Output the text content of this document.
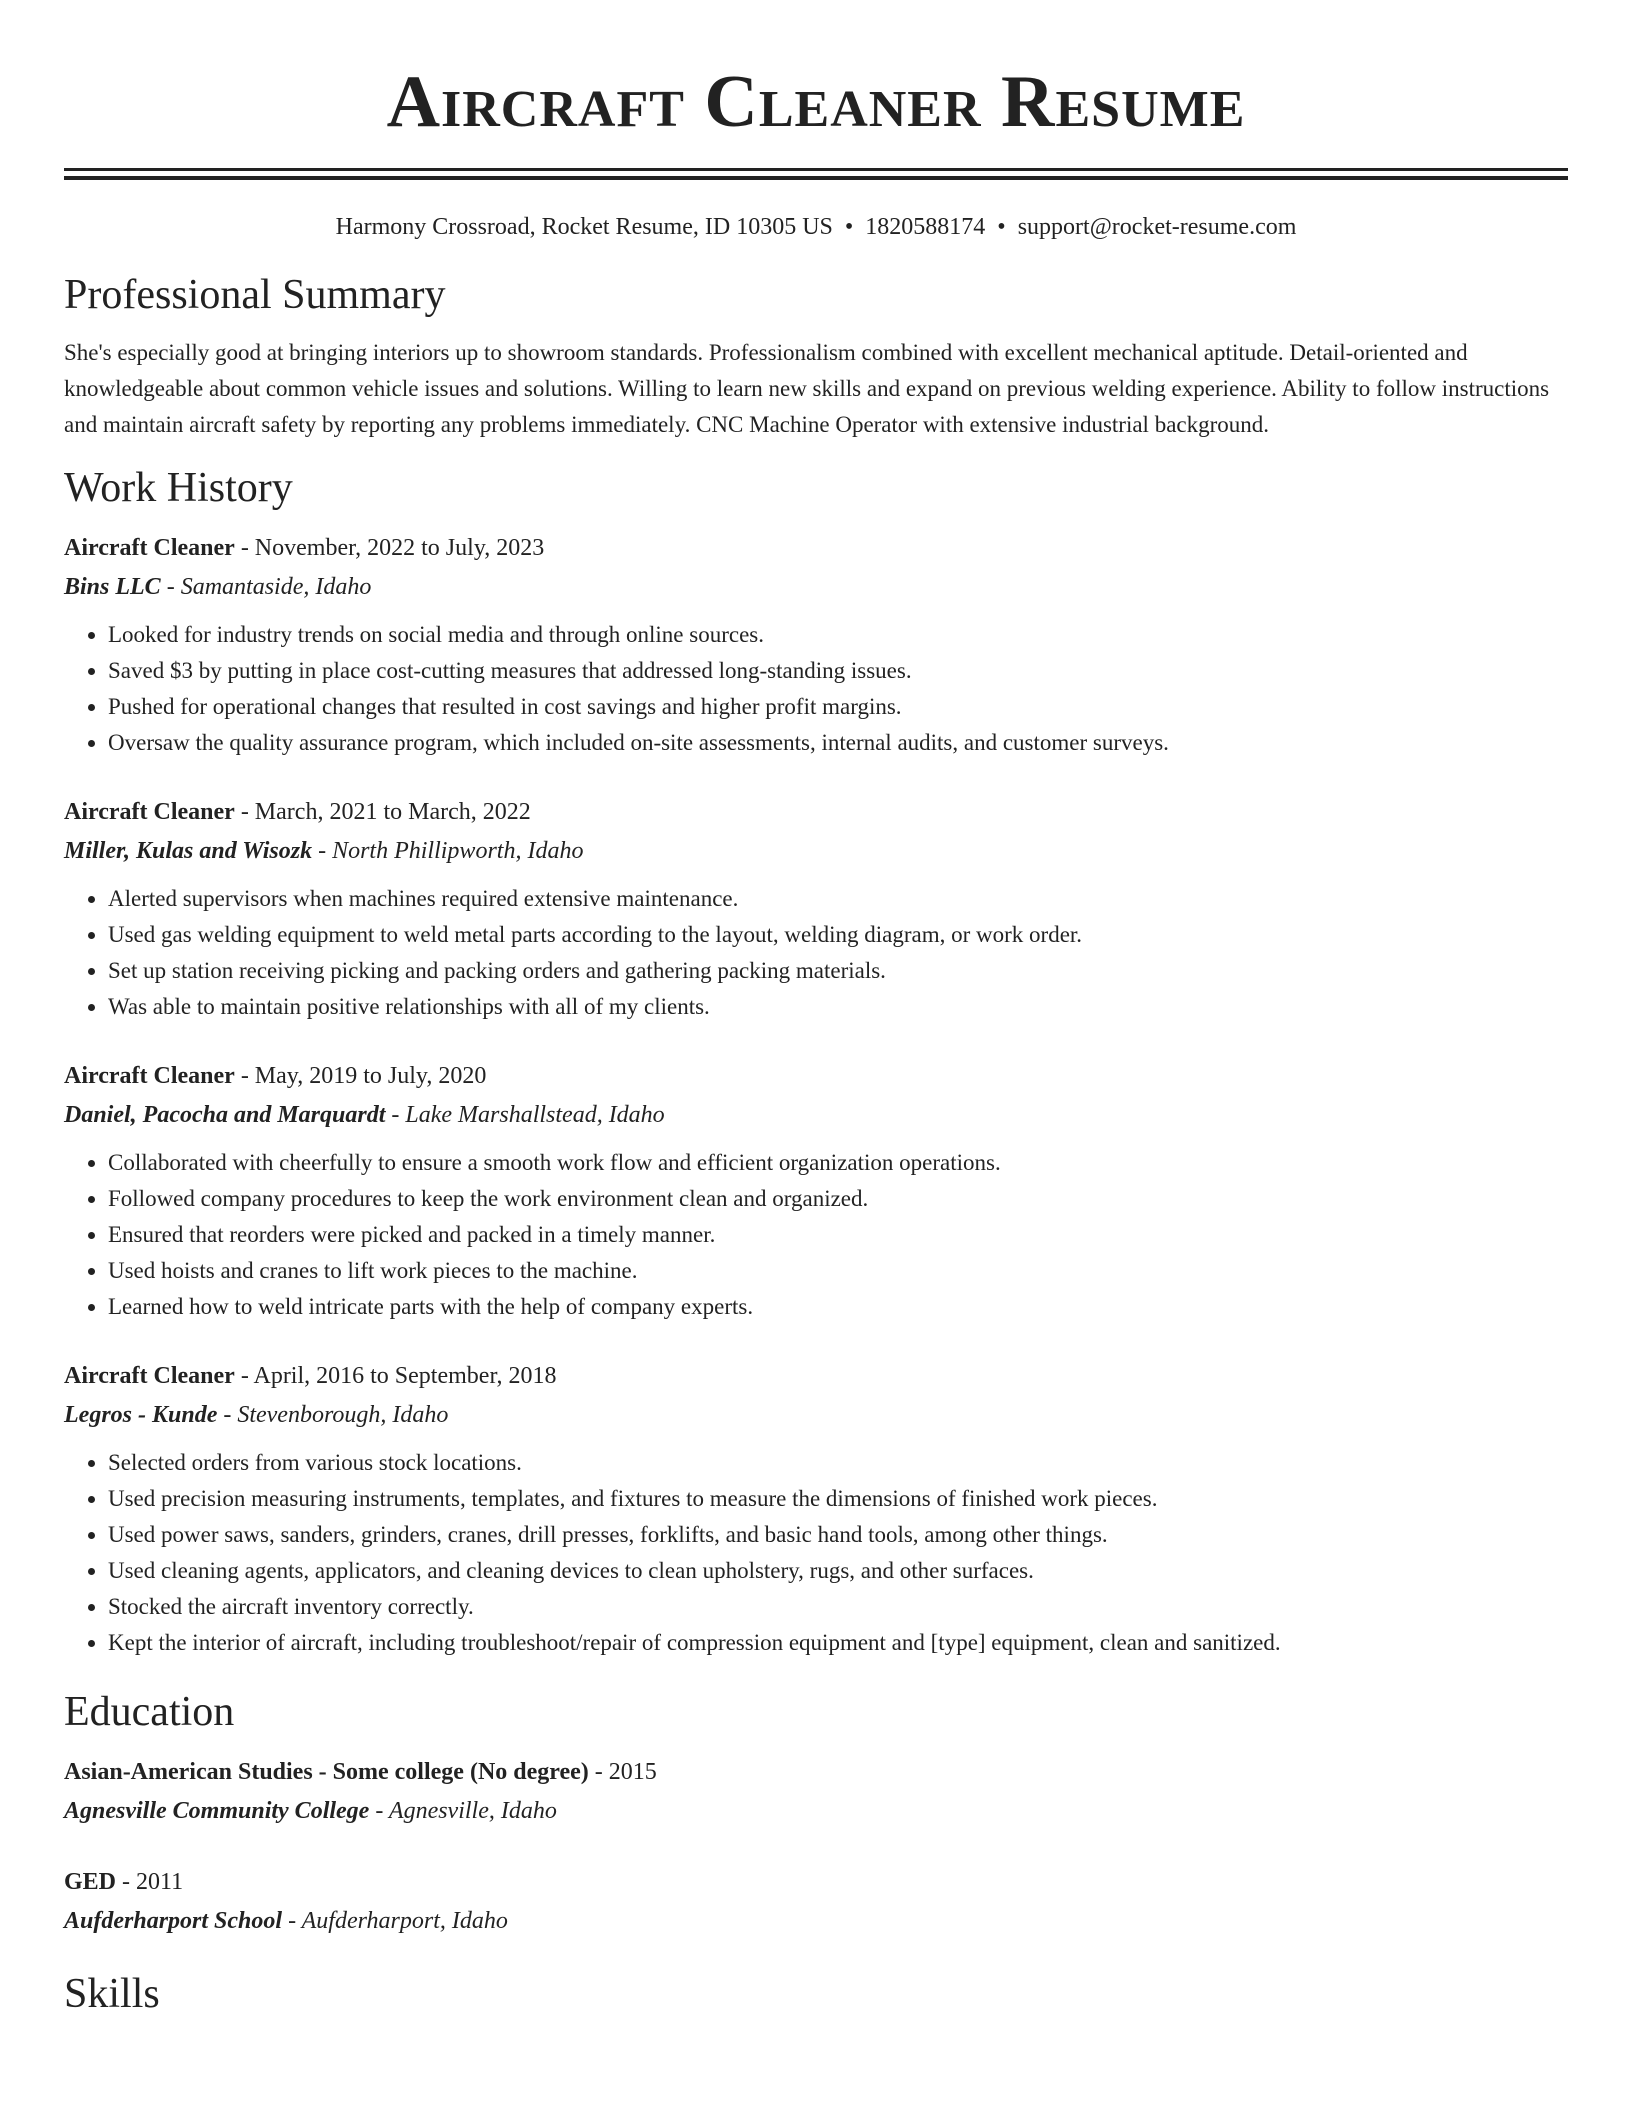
Aircraft Cleaner Resume
Harmony Crossroad, Rocket Resume, ID 10305 US • 1820588174 • support@rocket-resume.com
Professional Summary
She's especially good at bringing interiors up to showroom standards. Professionalism combined with excellent mechanical aptitude. Detail-oriented and knowledgeable about common vehicle issues and solutions. Willing to learn new skills and expand on previous welding experience. Ability to follow instructions and maintain aircraft safety by reporting any problems immediately. CNC Machine Operator with extensive industrial background.
Work History
Aircraft Cleaner - November, 2022 to July, 2023
Bins LLC - Samantaside, Idaho
• Looked for industry trends on social media and through online sources.
• Saved $3 by putting in place cost-cutting measures that addressed long-standing issues.
• Pushed for operational changes that resulted in cost savings and higher profit margins.
• Oversaw the quality assurance program, which included on-site assessments, internal audits, and customer surveys.
Aircraft Cleaner - March, 2021 to March, 2022
Miller, Kulas and Wisozk - North Phillipworth, Idaho
• Alerted supervisors when machines required extensive maintenance.
• Used gas welding equipment to weld metal parts according to the layout, welding diagram, or work order.
• Set up station receiving picking and packing orders and gathering packing materials.
• Was able to maintain positive relationships with all of my clients.
Aircraft Cleaner - May, 2019 to July, 2020
Daniel, Pacocha and Marquardt - Lake Marshallstead, Idaho
• Collaborated with cheerfully to ensure a smooth work flow and efficient organization operations.
• Followed company procedures to keep the work environment clean and organized.
• Ensured that reorders were picked and packed in a timely manner.
• Used hoists and cranes to lift work pieces to the machine.
• Learned how to weld intricate parts with the help of company experts.
Aircraft Cleaner - April, 2016 to September, 2018
Legros - Kunde - Stevenborough, Idaho
• Selected orders from various stock locations.
• Used precision measuring instruments, templates, and fixtures to measure the dimensions of finished work pieces.
• Used power saws, sanders, grinders, cranes, drill presses, forklifts, and basic hand tools, among other things.
• Used cleaning agents, applicators, and cleaning devices to clean upholstery, rugs, and other surfaces.
• Stocked the aircraft inventory correctly.
• Kept the interior of aircraft, including troubleshoot/repair of compression equipment and [type] equipment, clean and sanitized.
Education
Asian-American Studies - Some college (No degree) - 2015
Agnesville Community College - Agnesville, Idaho
GED - 2011
Aufderharport School - Aufderharport, Idaho
Skills
